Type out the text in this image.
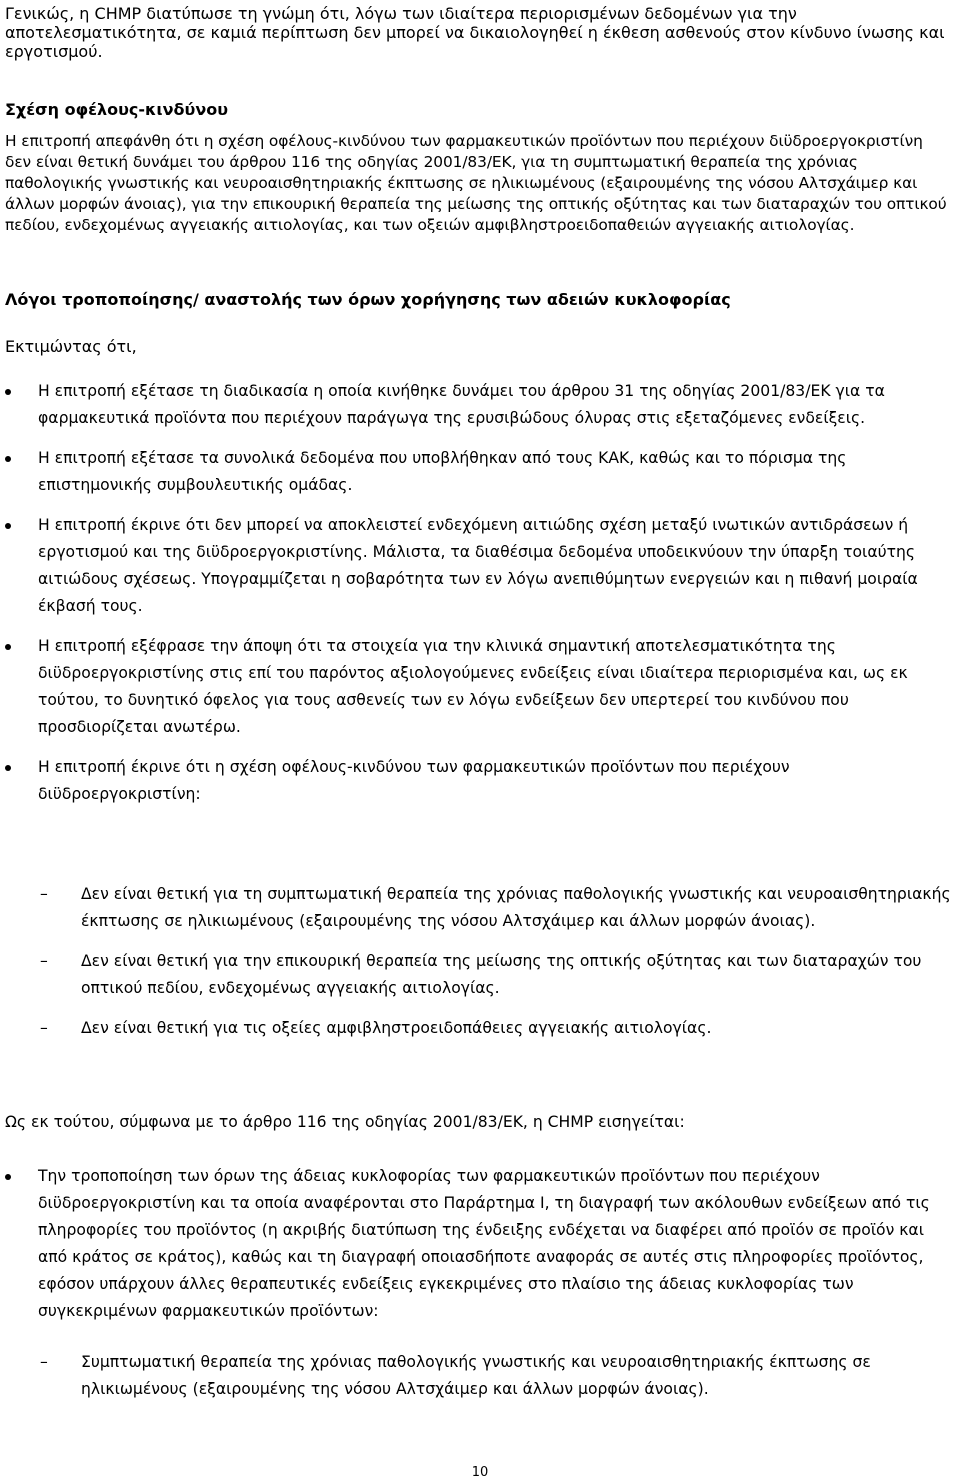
Γενικώς, η CHMP διατύπωσε τη γνώμη ότι, λόγω των ιδιαίτερα περιορισμένων δεδομένων για την αποτελεσματικότητα, σε καμιά περίπτωση δεν μπορεί να δικαιολογηθεί η έκθεση ασθενούς στον κίνδυνο ίνωσης και εργοτισμού.

Σχέση οφέλους-κινδύνου

Η επιτροπή απεφάνθη ότι η σχέση οφέλους-κινδύνου των φαρμακευτικών προϊόντων που περιέχουν διϋδροεργοκριστίνη δεν είναι θετική δυνάμει του άρθρου 116 της οδηγίας 2001/83/ΕΚ, για τη συμπτωματική θεραπεία της χρόνιας παθολογικής γνωστικής και νευροαισθητηριακής έκπτωσης σε ηλικιωμένους (εξαιρουμένης της νόσου Αλτσχάιμερ και άλλων μορφών άνοιας), για την επικουρική θεραπεία της μείωσης της οπτικής οξύτητας και των διαταραχών του οπτικού πεδίου, ενδεχομένως αγγειακής αιτιολογίας, και των οξειών αμφιβληστροειδοπαθειών αγγειακής αιτιολογίας.

Λόγοι τροποποίησης/ αναστολής των όρων χορήγησης των αδειών κυκλοφορίας

Εκτιμώντας ότι,

Η επιτροπή εξέτασε τη διαδικασία η οποία κινήθηκε δυνάμει του άρθρου 31 της οδηγίας 2001/83/ΕΚ για τα φαρμακευτικά προϊόντα που περιέχουν παράγωγα της ερυσιβώδους όλυρας στις εξεταζόμενες ενδείξεις.
Η επιτροπή εξέτασε τα συνολικά δεδομένα που υποβλήθηκαν από τους ΚΑΚ, καθώς και το πόρισμα της επιστημονικής συμβουλευτικής ομάδας.
Η επιτροπή έκρινε ότι δεν μπορεί να αποκλειστεί ενδεχόμενη αιτιώδης σχέση μεταξύ ινωτικών αντιδράσεων ή εργοτισμού και της διϋδροεργοκριστίνης. Μάλιστα, τα διαθέσιμα δεδομένα υποδεικνύουν την ύπαρξη τοιαύτης αιτιώδους σχέσεως. Υπογραμμίζεται η σοβαρότητα των εν λόγω ανεπιθύμητων ενεργειών και η πιθανή μοιραία έκβασή τους.
Η επιτροπή εξέφρασε την άποψη ότι τα στοιχεία για την κλινικά σημαντική αποτελεσματικότητα της διϋδροεργοκριστίνης στις επί του παρόντος αξιολογούμενες ενδείξεις είναι ιδιαίτερα περιορισμένα και, ως εκ τούτου, το δυνητικό όφελος για τους ασθενείς των εν λόγω ενδείξεων δεν υπερτερεί του κινδύνου που προσδιορίζεται ανωτέρω.
Η επιτροπή έκρινε ότι η σχέση οφέλους-κινδύνου των φαρμακευτικών προϊόντων που περιέχουν διϋδροεργοκριστίνη:
– Δεν είναι θετική για τη συμπτωματική θεραπεία της χρόνιας παθολογικής γνωστικής και νευροαισθητηριακής έκπτωσης σε ηλικιωμένους (εξαιρουμένης της νόσου Αλτσχάιμερ και άλλων μορφών άνοιας).
– Δεν είναι θετική για την επικουρική θεραπεία της μείωσης της οπτικής οξύτητας και των διαταραχών του οπτικού πεδίου, ενδεχομένως αγγειακής αιτιολογίας.
– Δεν είναι θετική για τις οξείες αμφιβληστροειδοπάθειες αγγειακής αιτιολογίας.

Ως εκ τούτου, σύμφωνα με το άρθρο 116 της οδηγίας 2001/83/ΕΚ, η CHMP εισηγείται:

Την τροποποίηση των όρων της άδειας κυκλοφορίας των φαρμακευτικών προϊόντων που περιέχουν διϋδροεργοκριστίνη και τα οποία αναφέρονται στο Παράρτημα Ι, τη διαγραφή των ακόλουθων ενδείξεων από τις πληροφορίες του προϊόντος (η ακριβής διατύπωση της ένδειξης ενδέχεται να διαφέρει από προϊόν σε προϊόν και από κράτος σε κράτος), καθώς και τη διαγραφή οποιασδήποτε αναφοράς σε αυτές στις πληροφορίες προϊόντος, εφόσον υπάρχουν άλλες θεραπευτικές ενδείξεις εγκεκριμένες στο πλαίσιο της άδειας κυκλοφορίας των συγκεκριμένων φαρμακευτικών προϊόντων:
– Συμπτωματική θεραπεία της χρόνιας παθολογικής γνωστικής και νευροαισθητηριακής έκπτωσης σε ηλικιωμένους (εξαιρουμένης της νόσου Αλτσχάιμερ και άλλων μορφών άνοιας).

10
